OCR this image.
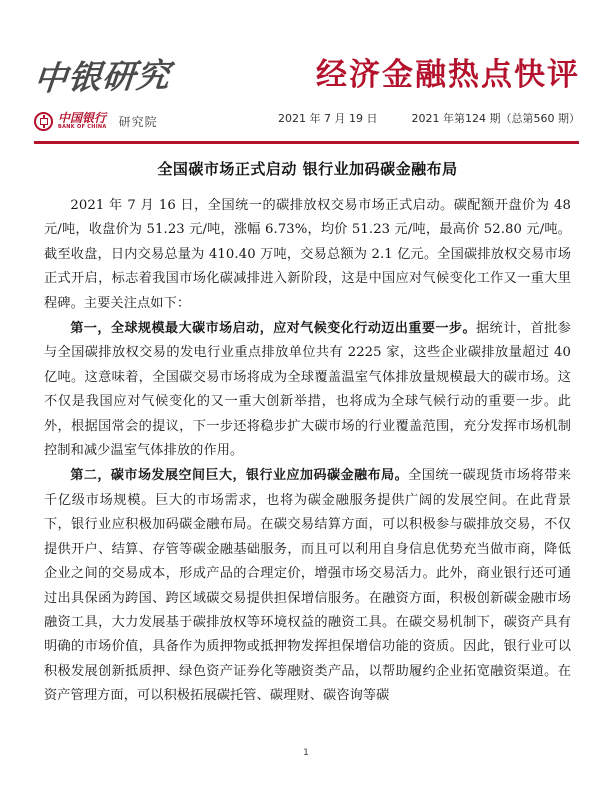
中银研究	经济金融热点快评
中国银行
BANK OF CHINA 研究院	2021 年 7 月 19 日	2021 年第124 期（总第560 期）
全国碳市场正式启动 银行业加码碳金融布局

2021 年 7 月 16 日，全国统一的碳排放权交易市场正式启动。碳配额开盘价为 48 元/吨，收盘价为 51.23 元/吨，涨幅 6.73%，均价 51.23 元/吨，最高价 52.80 元/吨。截至收盘，日内交易总量为 410.40 万吨，交易总额为 2.1 亿元。全国碳排放权交易市场正式开启，标志着我国市场化碳减排进入新阶段，这是中国应对气候变化工作又一重大里程碑。主要关注点如下：

第一，全球规模最大碳市场启动，应对气候变化行动迈出重要一步。据统计，首批参与全国碳排放权交易的发电行业重点排放单位共有 2225 家，这些企业碳排放量超过 40 亿吨。这意味着，全国碳交易市场将成为全球覆盖温室气体排放量规模最大的碳市场。这不仅是我国应对气候变化的又一重大创新举措，也将成为全球气候行动的重要一步。此外，根据国常会的提议，下一步还将稳步扩大碳市场的行业覆盖范围，充分发挥市场机制控制和减少温室气体排放的作用。

第二，碳市场发展空间巨大，银行业应加码碳金融布局。全国统一碳现货市场将带来千亿级市场规模。巨大的市场需求，也将为碳金融服务提供广阔的发展空间。在此背景下，银行业应积极加码碳金融布局。在碳交易结算方面，可以积极参与碳排放交易，不仅提供开户、结算、存管等碳金融基础服务，而且可以利用自身信息优势充当做市商，降低企业之间的交易成本，形成产品的合理定价，增强市场交易活力。此外，商业银行还可通过出具保函为跨国、跨区域碳交易提供担保增信服务。在融资方面，积极创新碳金融市场融资工具，大力发展基于碳排放权等环境权益的融资工具。在碳交易机制下，碳资产具有明确的市场价值，具备作为质押物或抵押物发挥担保增信功能的资质。因此，银行业可以积极发展创新抵质押、绿色资产证券化等融资类产品，以帮助履约企业拓宽融资渠道。在资产管理方面，可以积极拓展碳托管、碳理财、碳咨询等碳

1
